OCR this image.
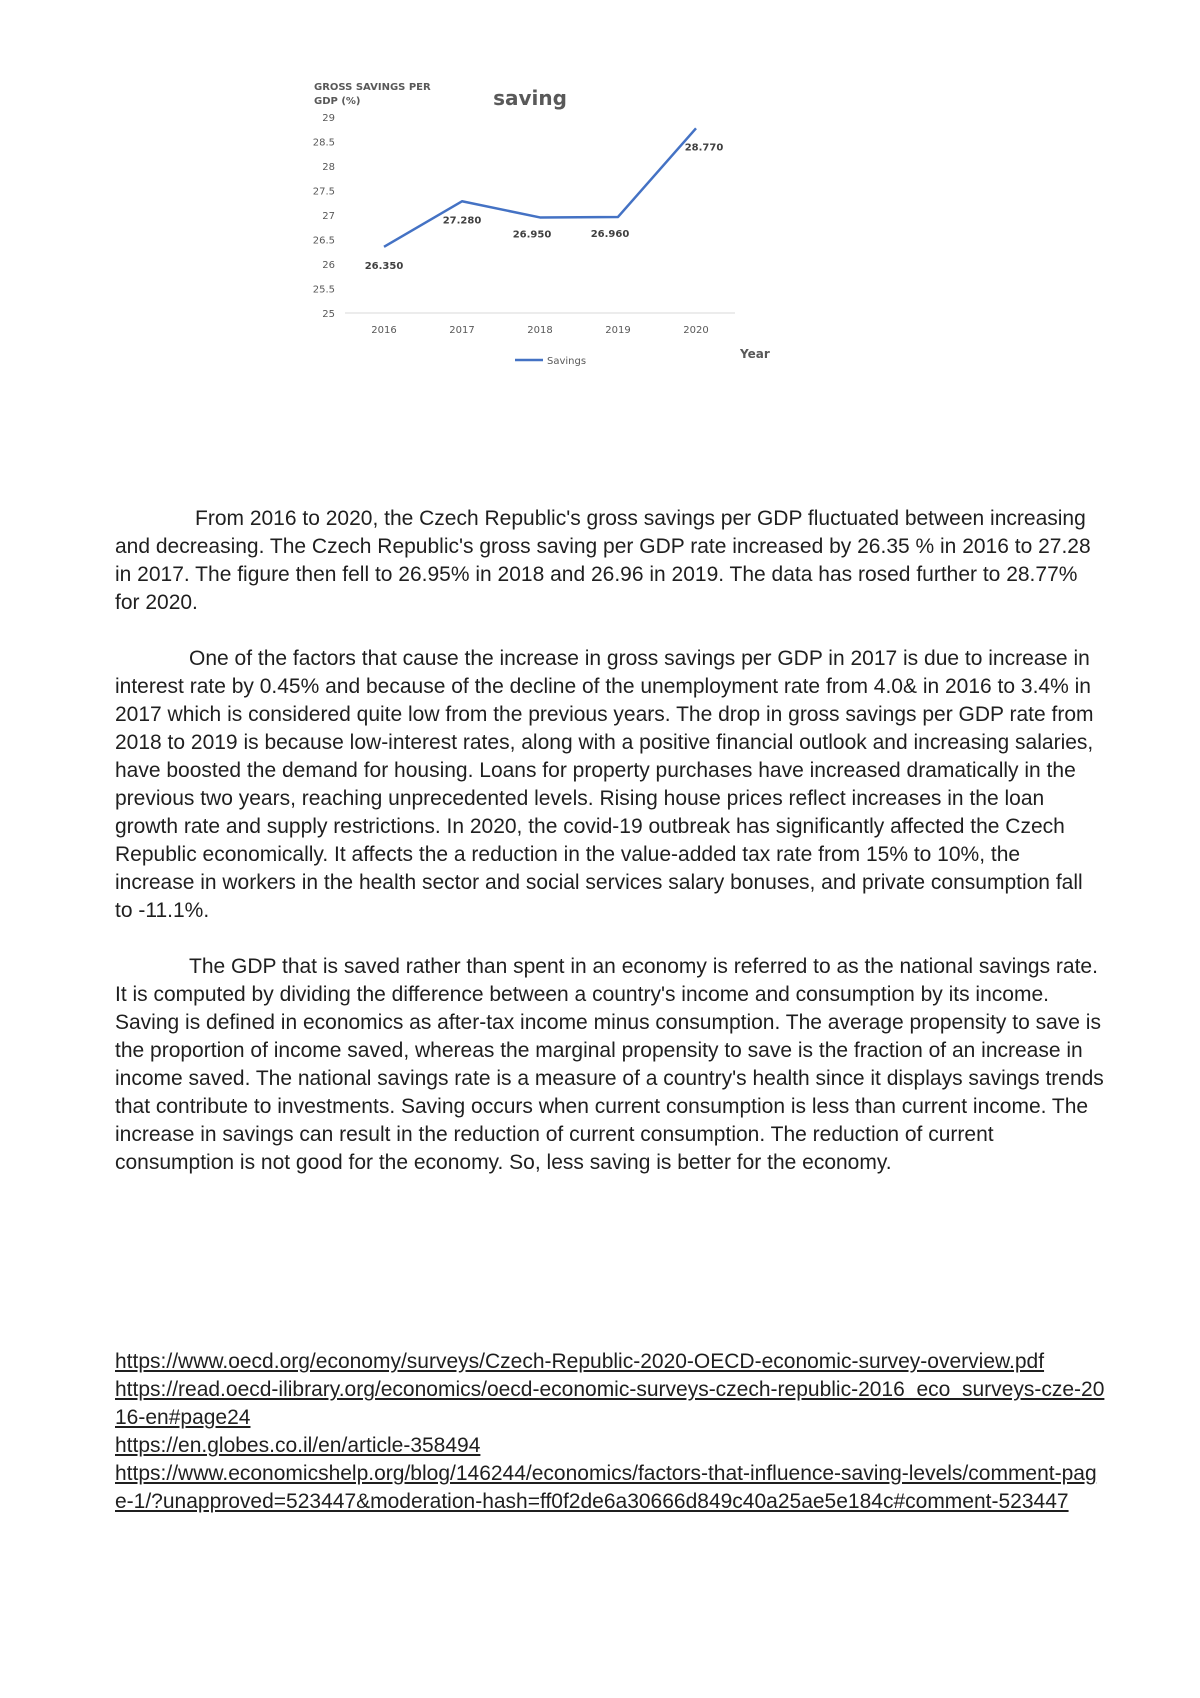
GROSS SAVINGS PER
GDP (%)	saving
25
25.5
26
26.5
27
27.5
28
28.5
29
2016	2017	2018	2019	2020
Year
26.350
27.280
26.950	26.960
28.770
Savings

From 2016 to 2020, the Czech Republic's gross savings per GDP fluctuated between increasing and decreasing. The Czech Republic's gross saving per GDP rate increased by 26.35 % in 2016 to 27.28 in 2017. The figure then fell to 26.95% in 2018 and 26.96 in 2019. The data has rosed further to 28.77% for 2020.

One of the factors that cause the increase in gross savings per GDP in 2017 is due to increase in interest rate by 0.45% and because of the decline of the unemployment rate from 4.0& in 2016 to 3.4% in 2017 which is considered quite low from the previous years. The drop in gross savings per GDP rate from 2018 to 2019 is because low-interest rates, along with a positive financial outlook and increasing salaries, have boosted the demand for housing. Loans for property purchases have increased dramatically in the previous two years, reaching unprecedented levels. Rising house prices reflect increases in the loan growth rate and supply restrictions. In 2020, the covid-19 outbreak has significantly affected the Czech Republic economically. It affects the a reduction in the value-added tax rate from 15% to 10%, the increase in workers in the health sector and social services salary bonuses, and private consumption fall to -11.1%.

The GDP that is saved rather than spent in an economy is referred to as the national savings rate. It is computed by dividing the difference between a country's income and consumption by its income. Saving is defined in economics as after-tax income minus consumption. The average propensity to save is the proportion of income saved, whereas the marginal propensity to save is the fraction of an increase in income saved. The national savings rate is a measure of a country's health since it displays savings trends that contribute to investments. Saving occurs when current consumption is less than current income. The increase in savings can result in the reduction of current consumption. The reduction of current consumption is not good for the economy. So, less saving is better for the economy.

https://www.oecd.org/economy/surveys/Czech-Republic-2020-OECD-economic-survey-overview.pdf
https://read.oecd-ilibrary.org/economics/oecd-economic-surveys-czech-republic-2016_eco_surveys-cze-2016-en#page24
https://en.globes.co.il/en/article-358494
https://www.economicshelp.org/blog/146244/economics/factors-that-influence-saving-levels/comment-page-1/?unapproved=523447&moderation-hash=ff0f2de6a30666d849c40a25ae5e184c#comment-523447
